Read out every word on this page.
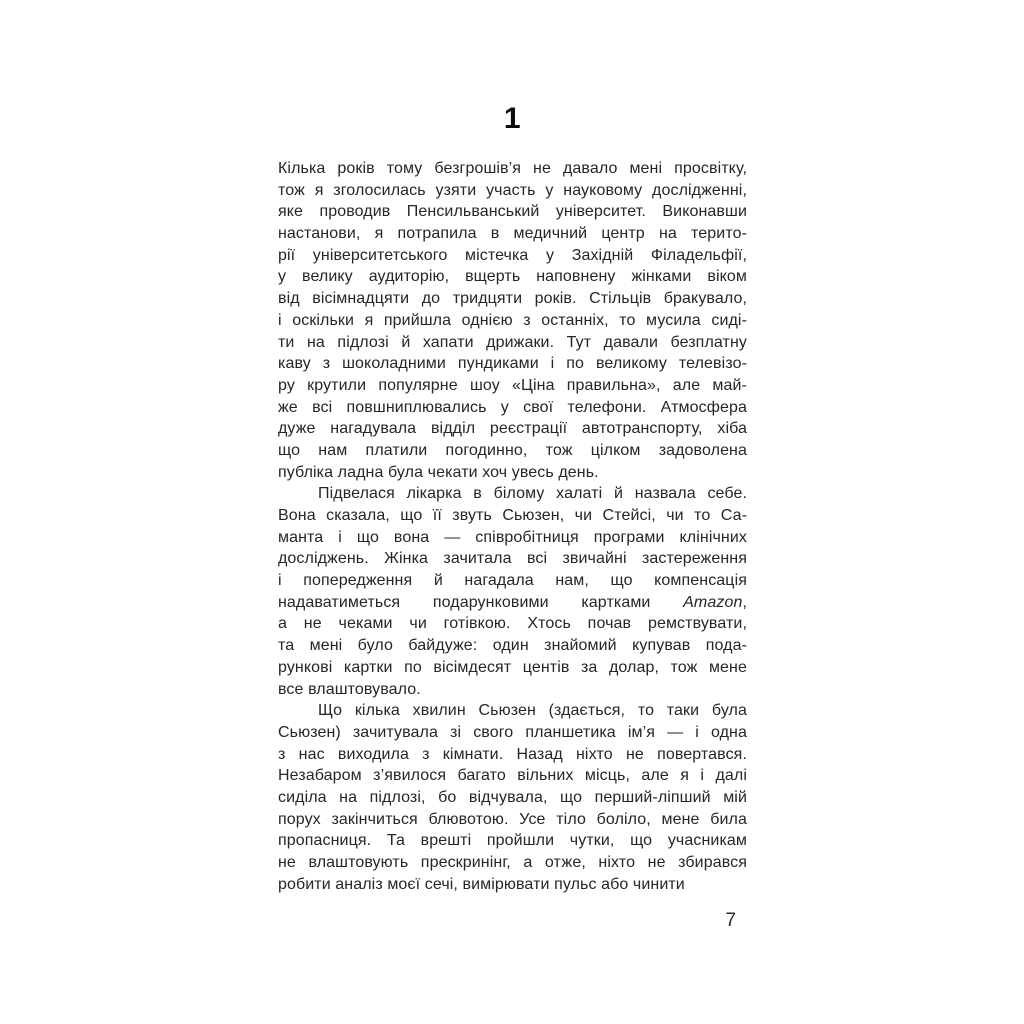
1
Кілька років тому безгрошів’я не давало мені просвітку,
тож я зголосилась узяти участь у науковому дослідженні,
яке проводив Пенсильванський університет. Виконавши
настанови, я потрапила в медичний центр на терито-
рії університетського містечка у Західній Філадельфії,
у велику аудиторію, вщерть наповнену жінками віком
від вісімнадцяти до тридцяти років. Стільців бракувало,
і оскільки я прийшла однією з останніх, то мусила сиді-
ти на підлозі й хапати дрижаки. Тут давали безплатну
каву з шоколадними пундиками і по великому телевізо-
ру крутили популярне шоу «Ціна правильна», але май-
же всі повшниплювались у свої телефони. Атмосфера
дуже нагадувала відділ реєстрації автотранспорту, хіба
що нам платили погодинно, тож цілком задоволена
публіка ладна була чекати хоч увесь день.
Підвелася лікарка в білому халаті й назвала себе.
Вона сказала, що її звуть Сьюзен, чи Стейсі, чи то Са-
манта і що вона — співробітниця програми клінічних
досліджень. Жінка зачитала всі звичайні застереження
і попередження й нагадала нам, що компенсація
надаватиметься подарунковими картками Amazon,
а не чеками чи готівкою. Хтось почав ремствувати,
та мені було байдуже: один знайомий купував пода-
рункові картки по вісімдесят центів за долар, тож мене
все влаштовувало.
Що кілька хвилин Сьюзен (здається, то таки була
Сьюзен) зачитувала зі свого планшетика ім’я — і одна
з нас виходила з кімнати. Назад ніхто не повертався.
Незабаром з’явилося багато вільних місць, але я і далі
сиділа на підлозі, бо відчувала, що перший-ліпший мій
порух закінчиться блювотою. Усе тіло боліло, мене била
пропасниця. Та врешті пройшли чутки, що учасникам
не влаштовують прескринінг, а отже, ніхто не збирався
робити аналіз моєї сечі, вимірювати пульс або чинити
7
